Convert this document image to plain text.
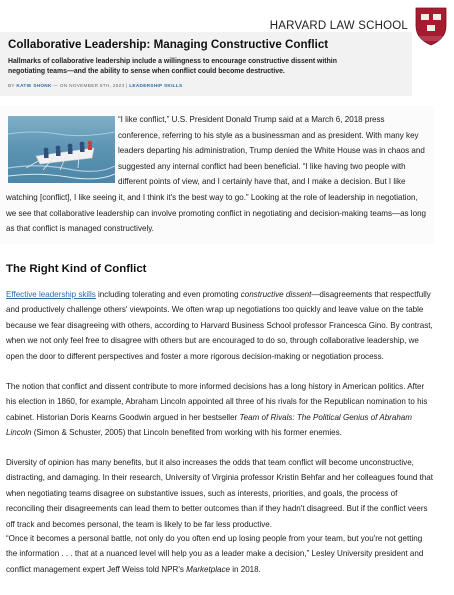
HARVARD LAW SCHOOL
Collaborative Leadership: Managing Constructive Conflict
Hallmarks of collaborative leadership include a willingness to encourage constructive dissent within negotiating teams—and the ability to sense when conflict could become destructive.
BY KATIE SHONK — ON NOVEMBER 6TH, 2023 | LEADERSHIP SKILLS
“I like conflict,” U.S. President Donald Trump said at a March 6, 2018 press conference, referring to his style as a businessman and as president. With many key leaders departing his administration, Trump denied the White House was in chaos and suggested any internal conflict had been beneficial. “I like having two people with different points of view, and I certainly have that, and I make a decision. But I like watching [conflict], I like seeing it, and I think it's the best way to go.” Looking at the role of leadership in negotiation, we see that collaborative leadership can involve promoting conflict in negotiating and decision-making teams—as long as that conflict is managed constructively.
The Right Kind of Conflict

Effective leadership skills including tolerating and even promoting constructive dissent—disagreements that respectfully and productively challenge others' viewpoints. We often wrap up negotiations too quickly and leave value on the table because we fear disagreeing with others, according to Harvard Business School professor Francesca Gino. By contrast, when we not only feel free to disagree with others but are encouraged to do so, through collaborative leadership, we open the door to different perspectives and foster a more rigorous decision-making or negotiation process.

The notion that conflict and dissent contribute to more informed decisions has a long history in American politics. After his election in 1860, for example, Abraham Lincoln appointed all three of his rivals for the Republican nomination to his cabinet. Historian Doris Kearns Goodwin argued in her bestseller Team of Rivals: The Political Genius of Abraham Lincoln (Simon & Schuster, 2005) that Lincoln benefited from working with his former enemies.

Diversity of opinion has many benefits, but it also increases the odds that team conflict will become unconstructive, distracting, and damaging. In their research, University of Virginia professor Kristin Behfar and her colleagues found that when negotiating teams disagree on substantive issues, such as interests, priorities, and goals, the process of reconciling their disagreements can lead them to better outcomes than if they hadn't disagreed. But if the conflict veers off track and becomes personal, the team is likely to be far less productive.

“Once it becomes a personal battle, not only do you often end up losing people from your team, but you're not getting the information . . . that at a nuanced level will help you as a leader make a decision,” Lesley University president and conflict management expert Jeff Weiss told NPR's Marketplace in 2018.
